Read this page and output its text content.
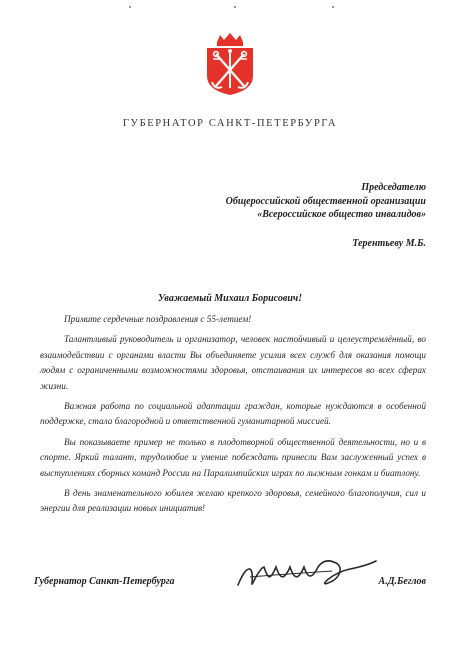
ГУБЕРНАТОР САНКТ-ПЕТЕРБУРГА
Председателю
Общероссийской общественной организации
«Всероссийское общество инвалидов»
Терентьеву М.Б.
Уважаемый Михаил Борисович!

Примите сердечные поздравления с 55-летием!

Талантливый руководитель и организатор, человек настойчивый и целеустремлённый, во взаимодействии с органами власти Вы объединяете усилия всех служб для оказания помощи людям с ограниченными возможностями здоровья, отстаивания их интересов во всех сферах жизни.

Важная работа по социальной адаптации граждан, которые нуждаются в особенной поддержке, стала благородной и ответственной гуманитарной миссией.

Вы показываете пример не только в плодотворной общественной деятельности, но и в спорте. Яркий талант, трудолюбие и умение побеждать принесли Вам заслуженный успех в выступлениях сборных команд России на Паралимпийских играх по лыжным гонкам и биатлону.

В день знаменательного юбилея желаю крепкого здоровья, семейного благополучия, сил и энергии для реализации новых инициатив!

Губернатор Санкт-Петербурга	А.Д.Беглов
